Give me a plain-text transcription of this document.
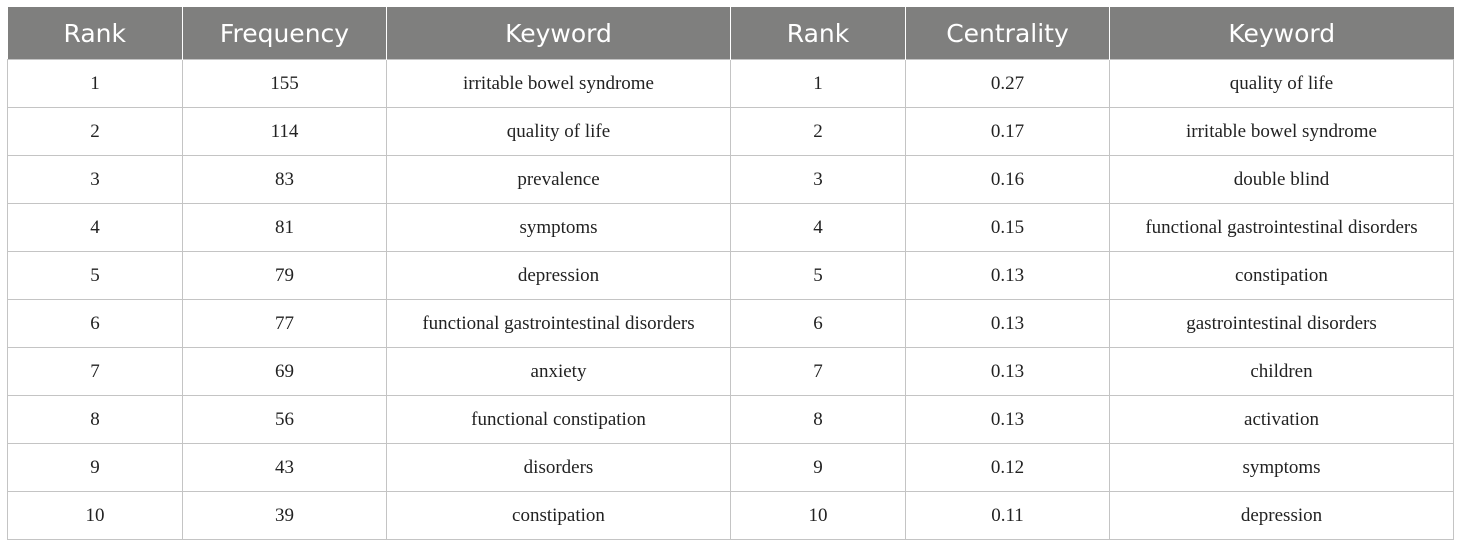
Rank	Frequency	Keyword	Rank	Centrality	Keyword
1	155	irritable bowel syndrome	1	0.27	quality of life
2	114	quality of life	2	0.17	irritable bowel syndrome
3	83	prevalence	3	0.16	double blind
4	81	symptoms	4	0.15	functional gastrointestinal disorders
5	79	depression	5	0.13	constipation
6	77	functional gastrointestinal disorders	6	0.13	gastrointestinal disorders
7	69	anxiety	7	0.13	children
8	56	functional constipation	8	0.13	activation
9	43	disorders	9	0.12	symptoms
10	39	constipation	10	0.11	depression
